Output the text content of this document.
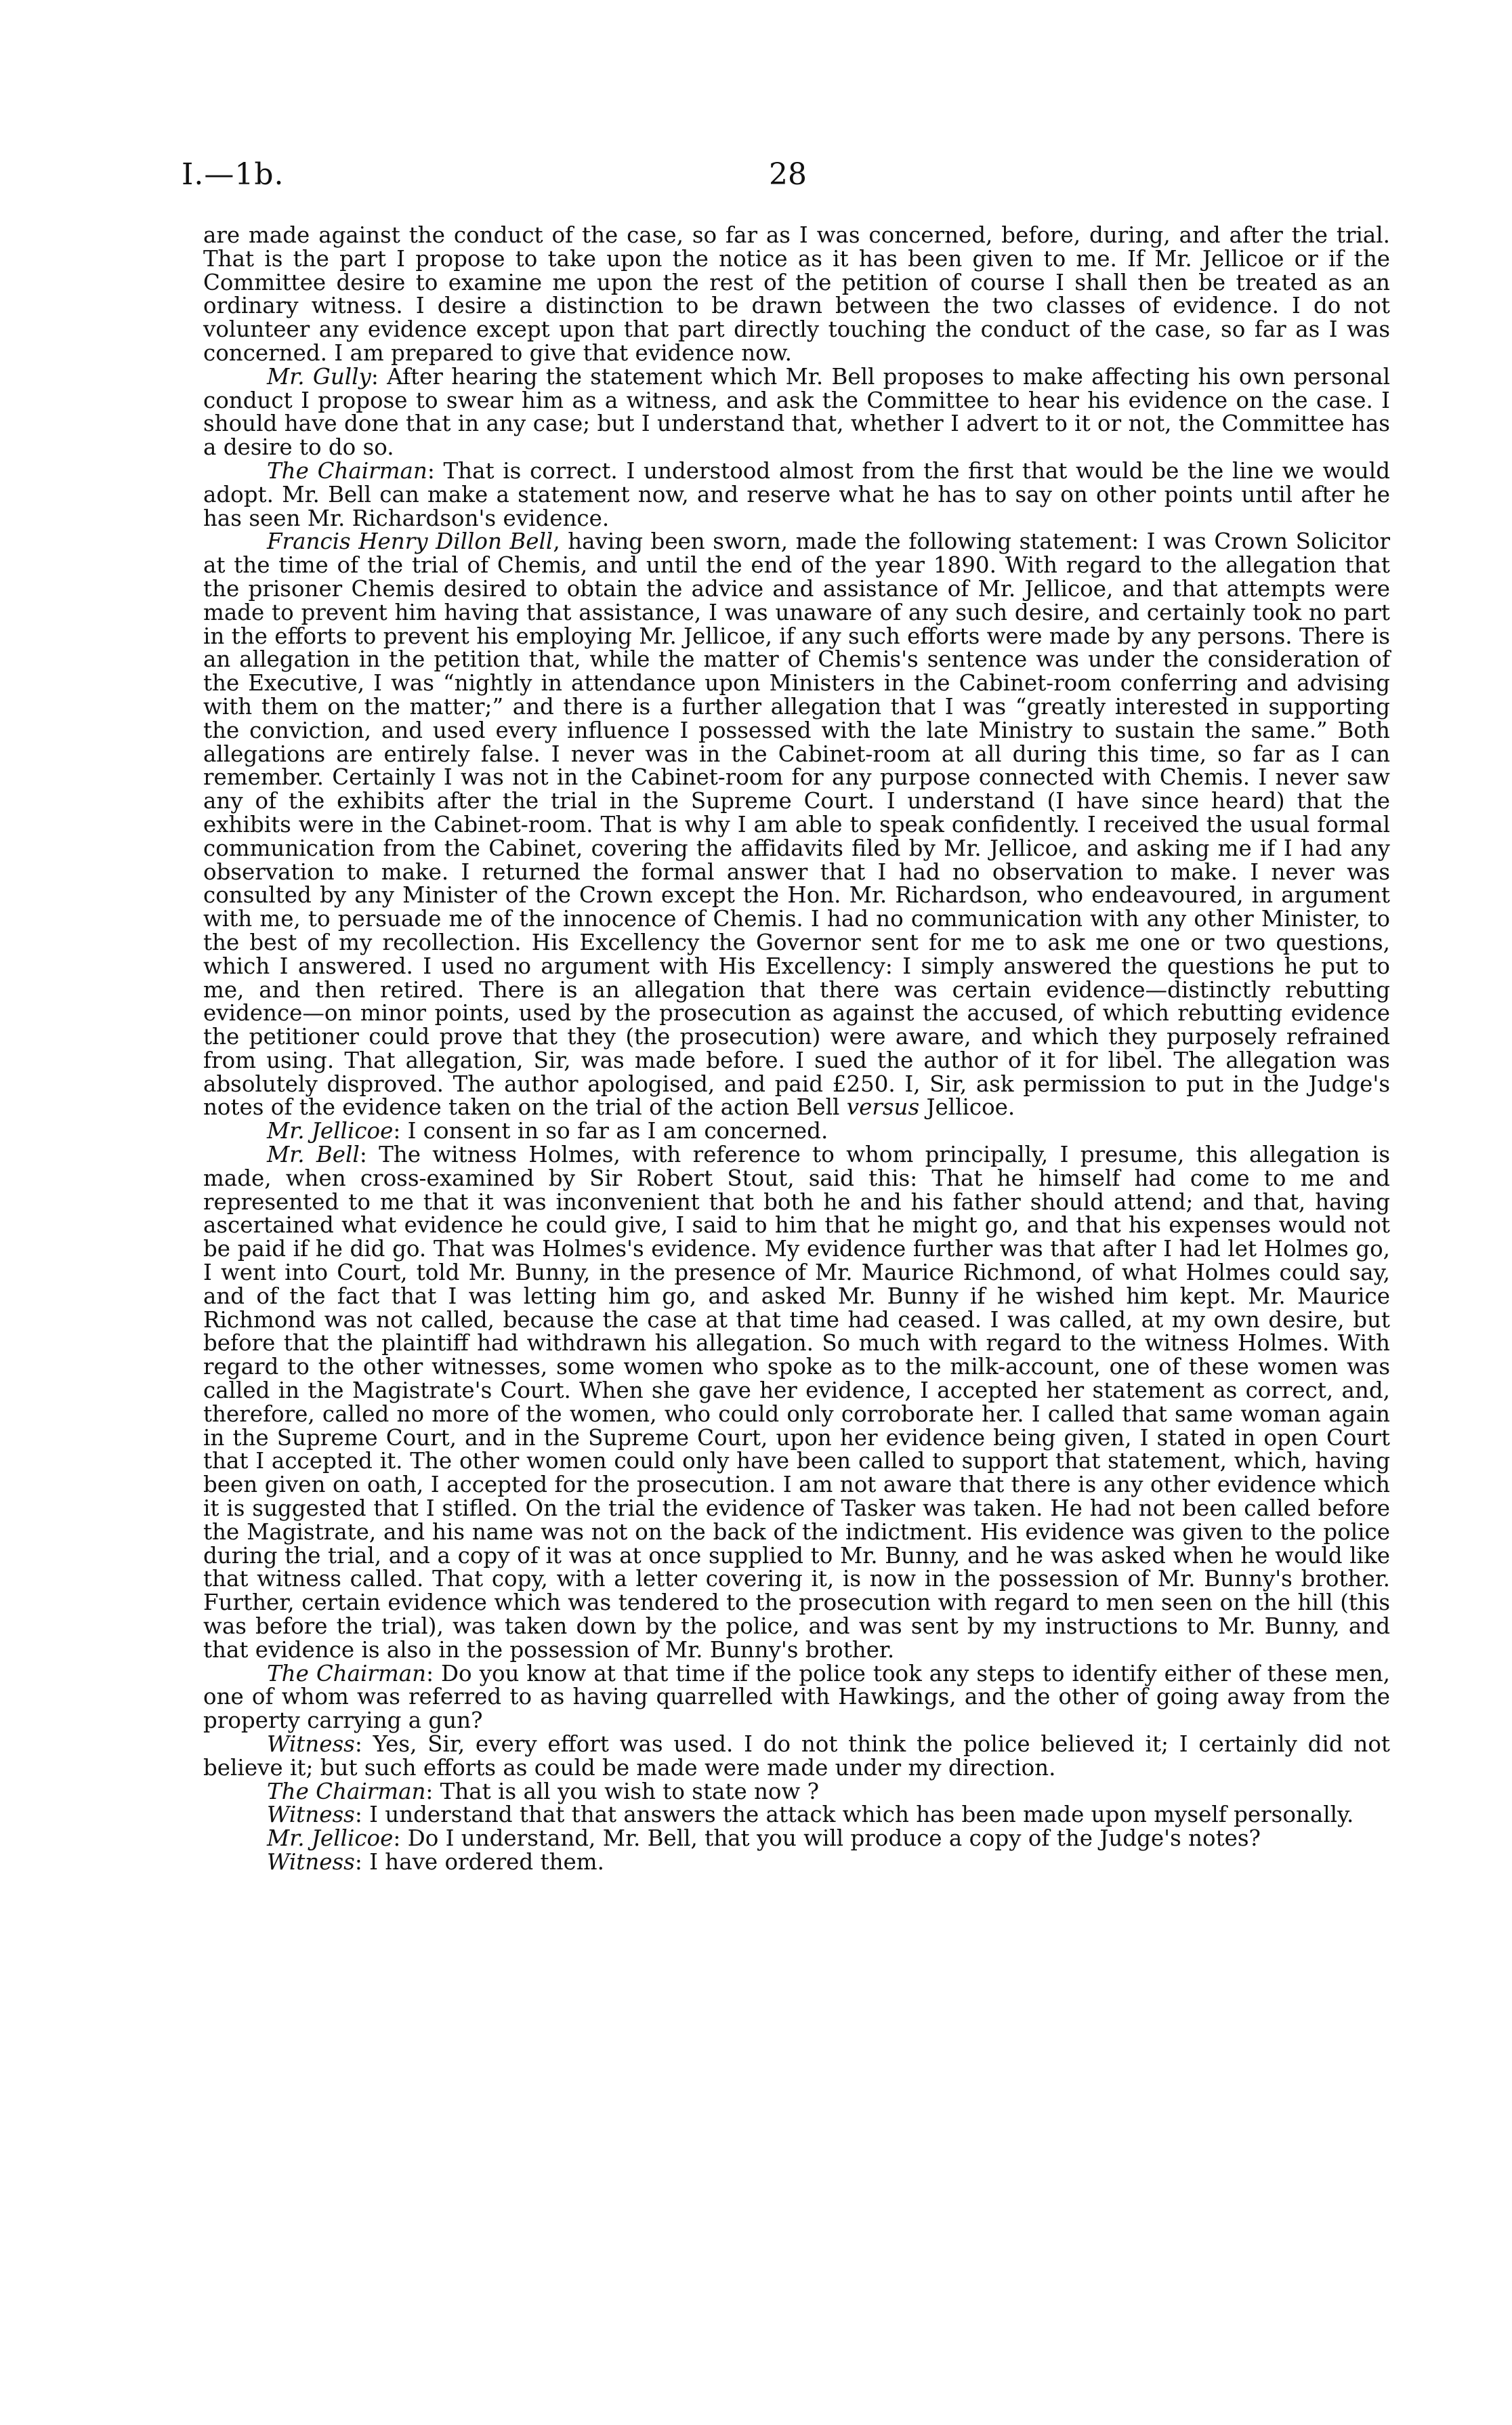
I.—1b.	28

are made against the conduct of the case, so far as I was concerned, before, during, and after the trial. That is the part I propose to take upon the notice as it has been given to me. If Mr. Jellicoe or if the Committee desire to examine me upon the rest of the petition of course I shall then be treated as an ordinary witness. I desire a distinction to be drawn between the two classes of evidence. I do not volunteer any evidence except upon that part directly touching the conduct of the case, so far as I was concerned. I am prepared to give that evidence now.

Mr. Gully: After hearing the statement which Mr. Bell proposes to make affecting his own personal conduct I propose to swear him as a witness, and ask the Committee to hear his evidence on the case. I should have done that in any case; but I understand that, whether I advert to it or not, the Committee has a desire to do so.

The Chairman: That is correct. I understood almost from the first that would be the line we would adopt. Mr. Bell can make a statement now, and reserve what he has to say on other points until after he has seen Mr. Richardson's evidence.

Francis Henry Dillon Bell, having been sworn, made the following statement: I was Crown Solicitor at the time of the trial of Chemis, and until the end of the year 1890. With regard to the allegation that the prisoner Chemis desired to obtain the advice and assistance of Mr. Jellicoe, and that attempts were made to prevent him having that assistance, I was unaware of any such desire, and certainly took no part in the efforts to prevent his employing Mr. Jellicoe, if any such efforts were made by any persons. There is an allegation in the petition that, while the matter of Chemis's sentence was under the consideration of the Executive, I was “nightly in attendance upon Ministers in the Cabinet-room conferring and advising with them on the matter;” and there is a further allegation that I was “greatly interested in supporting the conviction, and used every influence I possessed with the late Ministry to sustain the same.” Both allegations are entirely false. I never was in the Cabinet-room at all during this time, so far as I can remember. Certainly I was not in the Cabinet-room for any purpose connected with Chemis. I never saw any of the exhibits after the trial in the Supreme Court. I understand (I have since heard) that the exhibits were in the Cabinet-room. That is why I am able to speak confidently. I received the usual formal communication from the Cabinet, covering the affidavits filed by Mr. Jellicoe, and asking me if I had any observation to make. I returned the formal answer that I had no observation to make. I never was consulted by any Minister of the Crown except the Hon. Mr. Richardson, who endeavoured, in argument with me, to persuade me of the innocence of Chemis. I had no communication with any other Minister, to the best of my recollection. His Excellency the Governor sent for me to ask me one or two questions, which I answered. I used no argument with His Excellency: I simply answered the questions he put to me, and then retired. There is an allegation that there was certain evidence—distinctly rebutting evidence—on minor points, used by the prosecution as against the accused, of which rebutting evidence the petitioner could prove that they (the prosecution) were aware, and which they purposely refrained from using. That allegation, Sir, was made before. I sued the author of it for libel. The allegation was absolutely disproved. The author apologised, and paid £250. I, Sir, ask permission to put in the Judge's notes of the evidence taken on the trial of the action Bell versus Jellicoe.

Mr. Jellicoe: I consent in so far as I am concerned.

Mr. Bell: The witness Holmes, with reference to whom principally, I presume, this allegation is made, when cross-examined by Sir Robert Stout, said this: That he himself had come to me and represented to me that it was inconvenient that both he and his father should attend; and that, having ascertained what evidence he could give, I said to him that he might go, and that his expenses would not be paid if he did go. That was Holmes's evidence. My evidence further was that after I had let Holmes go, I went into Court, told Mr. Bunny, in the presence of Mr. Maurice Richmond, of what Holmes could say, and of the fact that I was letting him go, and asked Mr. Bunny if he wished him kept. Mr. Maurice Richmond was not called, because the case at that time had ceased. I was called, at my own desire, but before that the plaintiff had withdrawn his allegation. So much with regard to the witness Holmes. With regard to the other witnesses, some women who spoke as to the milk-account, one of these women was called in the Magistrate's Court. When she gave her evidence, I accepted her statement as correct, and, therefore, called no more of the women, who could only corroborate her. I called that same woman again in the Supreme Court, and in the Supreme Court, upon her evidence being given, I stated in open Court that I accepted it. The other women could only have been called to support that statement, which, having been given on oath, I accepted for the prosecution. I am not aware that there is any other evidence which it is suggested that I stifled. On the trial the evidence of Tasker was taken. He had not been called before the Magistrate, and his name was not on the back of the indictment. His evidence was given to the police during the trial, and a copy of it was at once supplied to Mr. Bunny, and he was asked when he would like that witness called. That copy, with a letter covering it, is now in the possession of Mr. Bunny's brother. Further, certain evidence which was tendered to the prosecution with regard to men seen on the hill (this was before the trial), was taken down by the police, and was sent by my instructions to Mr. Bunny, and that evidence is also in the possession of Mr. Bunny's brother.

The Chairman: Do you know at that time if the police took any steps to identify either of these men, one of whom was referred to as having quarrelled with Hawkings, and the other of going away from the property carrying a gun?

Witness: Yes, Sir, every effort was used. I do not think the police believed it; I certainly did not believe it; but such efforts as could be made were made under my direction.

The Chairman: That is all you wish to state now ?

Witness: I understand that that answers the attack which has been made upon myself personally.

Mr. Jellicoe: Do I understand, Mr. Bell, that you will produce a copy of the Judge's notes?

Witness: I have ordered them.
